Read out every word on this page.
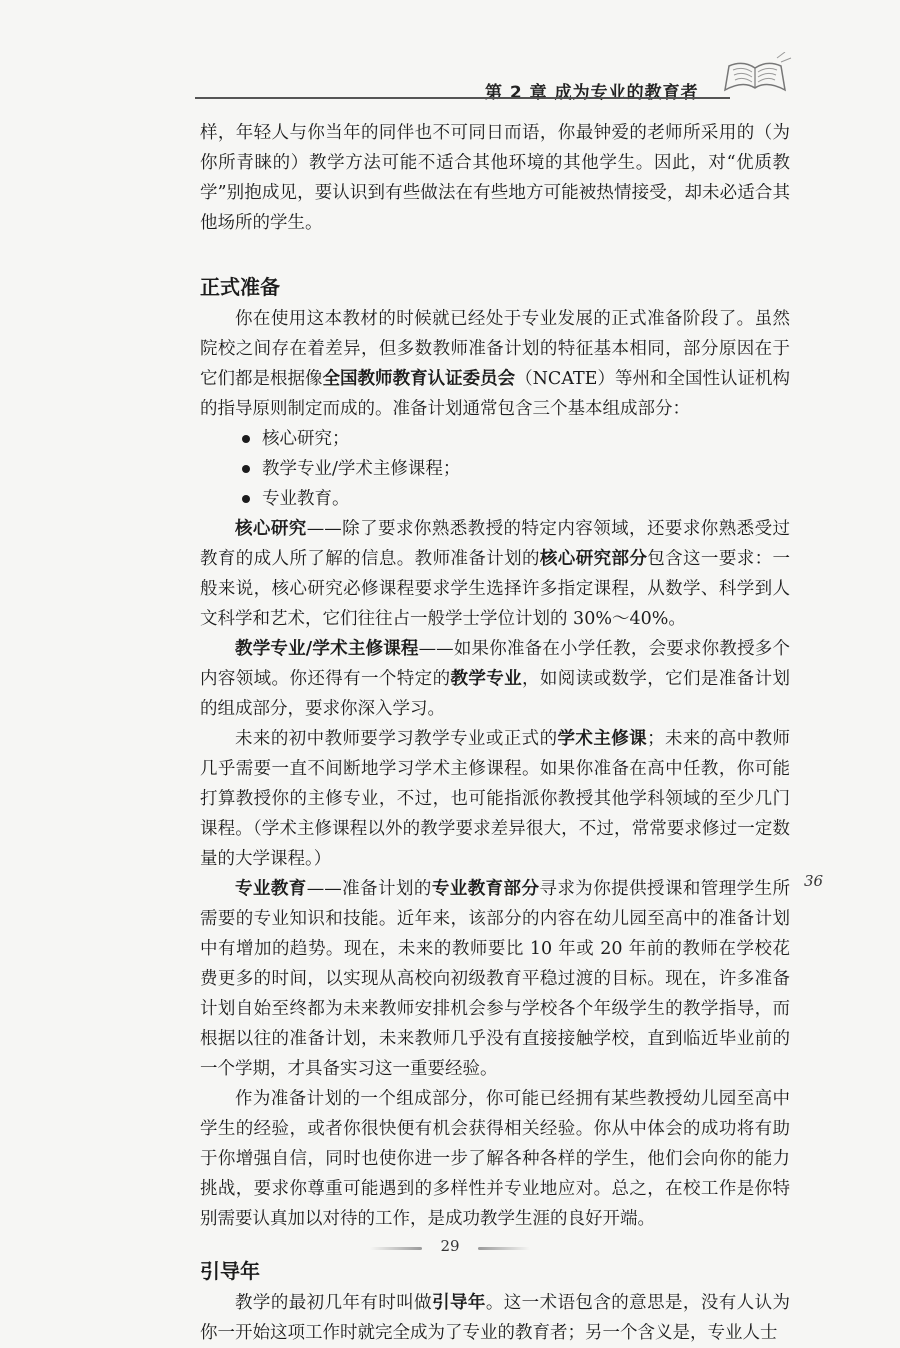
第 2 章 成为专业的教育者

样，年轻人与你当年的同伴也不可同日而语，你最钟爱的老师所采用的（为你所青睐的）教学方法可能不适合其他环境的其他学生。因此，对“优质教学”别抱成见，要认识到有些做法在有些地方可能被热情接受，却未必适合其他场所的学生。

正式准备

你在使用这本教材的时候就已经处于专业发展的正式准备阶段了。虽然院校之间存在着差异，但多数教师准备计划的特征基本相同，部分原因在于它们都是根据像全国教师教育认证委员会（NCATE）等州和全国性认证机构的指导原则制定而成的。准备计划通常包含三个基本组成部分：

核心研究；
教学专业/学术主修课程；
专业教育。

核心研究——除了要求你熟悉教授的特定内容领域，还要求你熟悉受过教育的成人所了解的信息。教师准备计划的核心研究部分包含这一要求：一般来说，核心研究必修课程要求学生选择许多指定课程，从数学、科学到人文科学和艺术，它们往往占一般学士学位计划的 30%～40%。

教学专业/学术主修课程——如果你准备在小学任教，会要求你教授多个内容领域。你还得有一个特定的教学专业，如阅读或数学，它们是准备计划的组成部分，要求你深入学习。

未来的初中教师要学习教学专业或正式的学术主修课；未来的高中教师几乎需要一直不间断地学习学术主修课程。如果你准备在高中任教，你可能打算教授你的主修专业，不过，也可能指派你教授其他学科领域的至少几门课程。（学术主修课程以外的教学要求差异很大，不过，常常要求修过一定数量的大学课程。）

专业教育——准备计划的专业教育部分寻求为你提供授课和管理学生所需要的专业知识和技能。近年来，该部分的内容在幼儿园至高中的准备计划中有增加的趋势。现在，未来的教师要比 10 年或 20 年前的教师在学校花费更多的时间，以实现从高校向初级教育平稳过渡的目标。现在，许多准备计划自始至终都为未来教师安排机会参与学校各个年级学生的教学指导，而根据以往的准备计划，未来教师几乎没有直接接触学校，直到临近毕业前的一个学期，才具备实习这一重要经验。

作为准备计划的一个组成部分，你可能已经拥有某些教授幼儿园至高中学生的经验，或者你很快便有机会获得相关经验。你从中体会的成功将有助于你增强自信，同时也使你进一步了解各种各样的学生，他们会向你的能力挑战，要求你尊重可能遇到的多样性并专业地应对。总之，在校工作是你特别需要认真加以对待的工作，是成功教学生涯的良好开端。

引导年

教学的最初几年有时叫做引导年。这一术语包含的意思是，没有人认为你一开始这项工作时就完全成为了专业的教育者；另一个含义是，专业人士

36
29
